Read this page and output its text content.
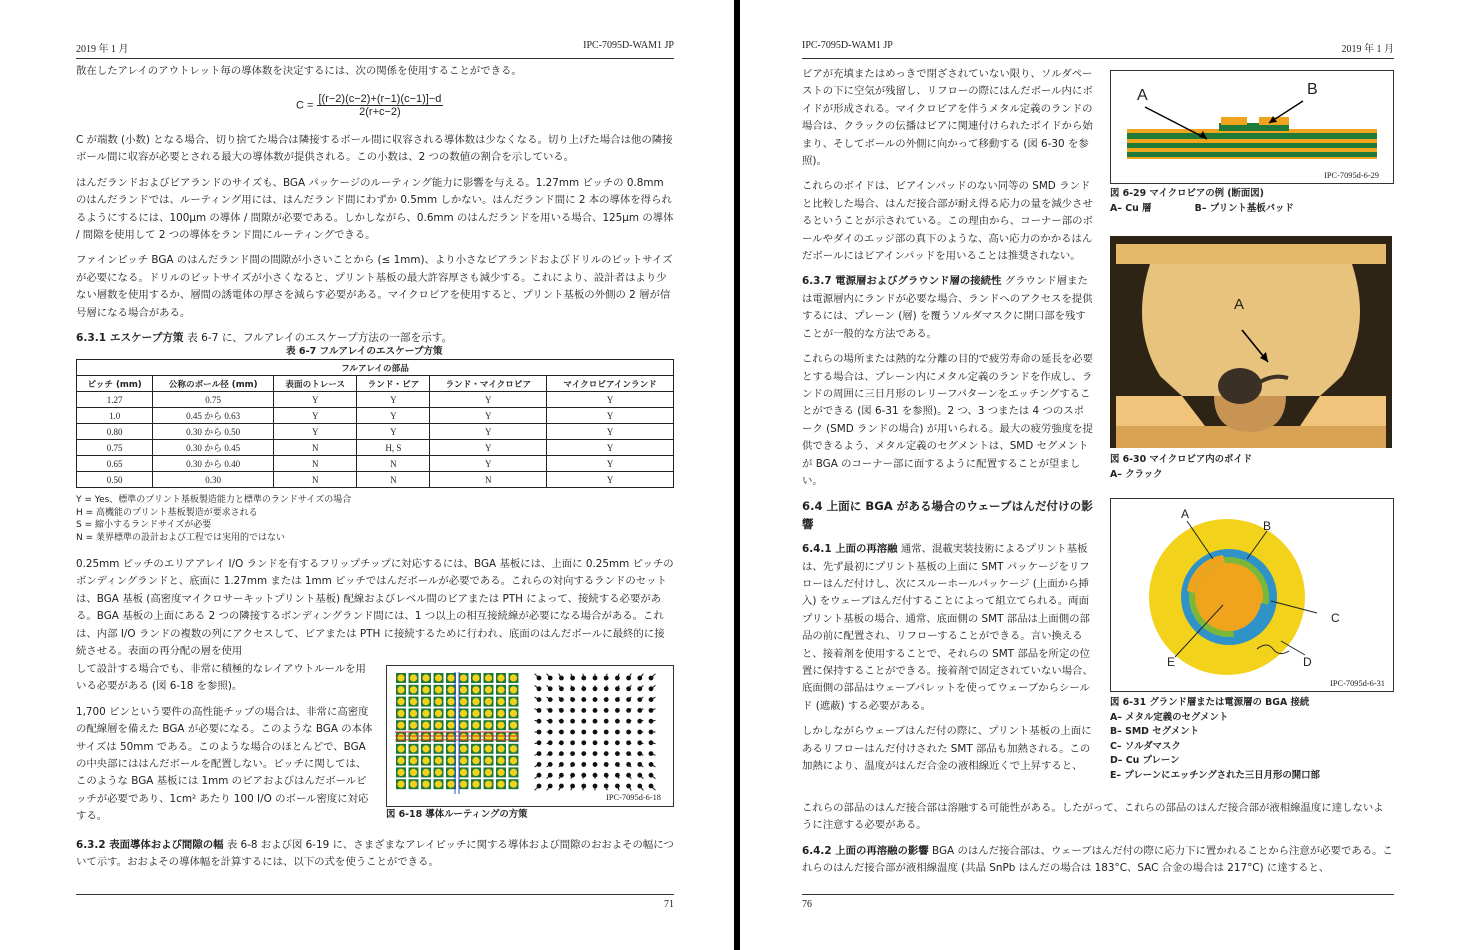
2019 年 1 月	IPC-7095D-WAM1 JP
散在したアレイのアウトレット毎の導体数を決定するには、次の関係を使用することができる。
$C = \frac{[(r-2)(c-2)+(r-1)(c-1)]-d}{2(r+c-2)}$

C が端数 (小数) となる場合、切り捨てた場合は隣接するボール間に収容される導体数は少なくなる。切り上げた場合は他の隣接ボール間に収容が必要とされる最大の導体数が提供される。この小数は、2 つの数値の割合を示している。

はんだランドおよびビアランドのサイズも、BGA パッケージのルーティング能力に影響を与える。1.27mm ピッチの 0.8mm のはんだランドでは、ルーティング用には、はんだランド間にわずか 0.5mm しかない。はんだランド間に 2 本の導体を得られるようにするには、100µm の導体 / 間隙が必要である。しかしながら、0.6mm のはんだランドを用いる場合、125µm の導体 / 間隙を使用して 2 つの導体をランド間にルーティングできる。

ファインピッチ BGA のはんだランド間の間隙が小さいことから (≤ 1mm)、より小さなビアランドおよびドリルのビットサイズが必要になる。ドリルのビットサイズが小さくなると、プリント基板の最大許容厚さも減少する。これにより、設計者はより少ない層数を使用するか、層間の誘電体の厚さを減らす必要がある。マイクロビアを使用すると、プリント基板の外側の 2 層が信号層になる場合がある。

6.3.1 エスケープ方策 表 6-7 に、フルアレイのエスケープ方法の一部を示す。
表 6-7 フルアレイのエスケープ方策
フルアレイの部品					
ピッチ (mm)	公称のボール径 (mm)	表面のトレース	ランド・ビア	ランド・マイクロビア	マイクロビアインランド
1.27	0.75	Y	Y	Y	Y
1.0	0.45 から 0.63	Y	Y	Y	Y
0.80	0.30 から 0.50	Y	Y	Y	Y
0.75	0.30 から 0.45	N	H, S	Y	Y
0.65	0.30 から 0.40	N	N	Y	Y
0.50	0.30	N	N	N	Y
Y = Yes、標準のプリント基板製造能力と標準のランドサイズの場合
H = 高機能のプリント基板製造が要求される
S = 縮小するランドサイズが必要
N = 業界標準の設計および工程では実用的ではない
0.25mm ピッチのエリアアレイ I/O ランドを有するフリップチップに対応するには、BGA 基板には、上面に 0.25mm ピッチのボンディングランドと、底面に 1.27mm または 1mm ピッチではんだボールが必要である。これらの対向するランドのセットは、BGA 基板 (高密度マイクロサーキットプリント基板) 配線およびレベル間のビアまたは PTH によって、接続する必要がある。BGA 基板の上面にある 2 つの隣接するボンディングランド間には、1 つ以上の相互接続線が必要になる場合がある。これは、内部 I/O ランドの複数の列にアクセスして、ビアまたは PTH に接続するために行われ、底面のはんだボールに最終的に接続させる。表面の再分配の層を使用

して設計する場合でも、非常に積極的なレイアウトルールを用いる必要がある (図 6-18 を参照)。

1,700 ピンという要件の高性能チップの場合は、非常に高密度の配線層を備えた BGA が必要になる。このような BGA の本体サイズは 50mm である。このような場合のほとんどで、BGA の中央部にははんだボールを配置しない。ピッチに関しては、このような BGA 基板には 1mm のピアおよびはんだボールピッチが必要であり、1cm² あたり 100 I/O のボール密度に対応する。

IPC-7095d-6-18
図 6-18 導体ルーティングの方策
6.3.2 表面導体および間隙の幅 表 6-8 および図 6-19 に、さまざまなアレイピッチに関する導体および間隙のおおよその幅について示す。おおよその導体幅を計算するには、以下の式を使うことができる。
71
IPC-7095D-WAM1 JP	2019 年 1 月

ビアが充填またはめっきで閉ざされていない限り、ソルダペーストの下に空気が残留し、リフローの際にはんだボール内にボイドが形成される。マイクロビアを伴うメタル定義のランドの場合は、クラックの伝播はビアに関連付けられたボイドから始まり、そしてボールの外側に向かって移動する (図 6-30 を参照)。

これらのボイドは、ビアインパッドのない同等の SMD ランドと比較した場合、はんだ接合部が耐え得る応力の量を減少させるということが示されている。この理由から、コーナー部のボールやダイのエッジ部の真下のような、高い応力のかかるはんだボールにはビアインパッドを用いることは推奨されない。

6.3.7 電源層およびグラウンド層の接続性 グラウンド層または電源層内にランドが必要な場合、ランドへのアクセスを提供するには、プレーン (層) を覆うソルダマスクに開口部を残すことが一般的な方法である。

これらの場所または熱的な分離の目的で疲労寿命の延長を必要とする場合は、プレーン内にメタル定義のランドを作成し、ランドの周囲に三日月形のレリーフパターンをエッチングすることができる (図 6-31 を参照)。2 つ、3 つまたは 4 つのスポーク (SMD ランドの場合) が用いられる。最大の疲労強度を提供できるよう、メタル定義のセグメントは、SMD セグメントが BGA のコーナー部に面するように配置することが望ましい。

6.4 上面に BGA がある場合のウェーブはんだ付けの影響
6.4.1 上面の再溶融 通常、混載実装技術によるプリント基板は、先ず最初にプリント基板の上面に SMT パッケージをリフローはんだ付けし、次にスルーホールパッケージ (上面から挿入) をウェーブはんだ付することによって組立てられる。両面プリント基板の場合、通常、底面側の SMT 部品は上面側の部品の前に配置され、リフローすることができる。言い換えると、接着剤を使用することで、それらの SMT 部品を所定の位置に保持することができる。接着剤で固定されていない場合、底面側の部品はウェーブパレットを使ってウェーブからシールド (遮蔽) する必要がある。

しかしながらウェーブはんだ付の際に、プリント基板の上面にあるリフローはんだ付けされた SMT 部品も加熱される。この加熱により、温度がはんだ合金の液相線近くで上昇すると、

これらの部品のはんだ接合部は溶融する可能性がある。したがって、これらの部品のはんだ接合部が液相線温度に達しないように注意する必要がある。
6.4.2 上面の再溶融の影響 BGA のはんだ接合部は、ウェーブはんだ付の際に応力下に置かれることから注意が必要である。これらのはんだ接合部が液相線温度 (共晶 SnPb はんだの場合は 183°C、SAC 合金の場合は 217°C) に達すると、
A	B
IPC-7095d-6-29
図 6-29 マイクロビアの例 (断面図)
A– Cu 層	B– プリント基板パッド
A
図 6-30 マイクロビア内のボイド
A– クラック
A
B
C
D
E
IPC-7095d-6-31
図 6-31 グランド層または電源層の BGA 接続
A– メタル定義のセグメント
B– SMD セグメント
C– ソルダマスク
D– Cu プレーン
E– プレーンにエッチングされた三日月形の開口部
76
